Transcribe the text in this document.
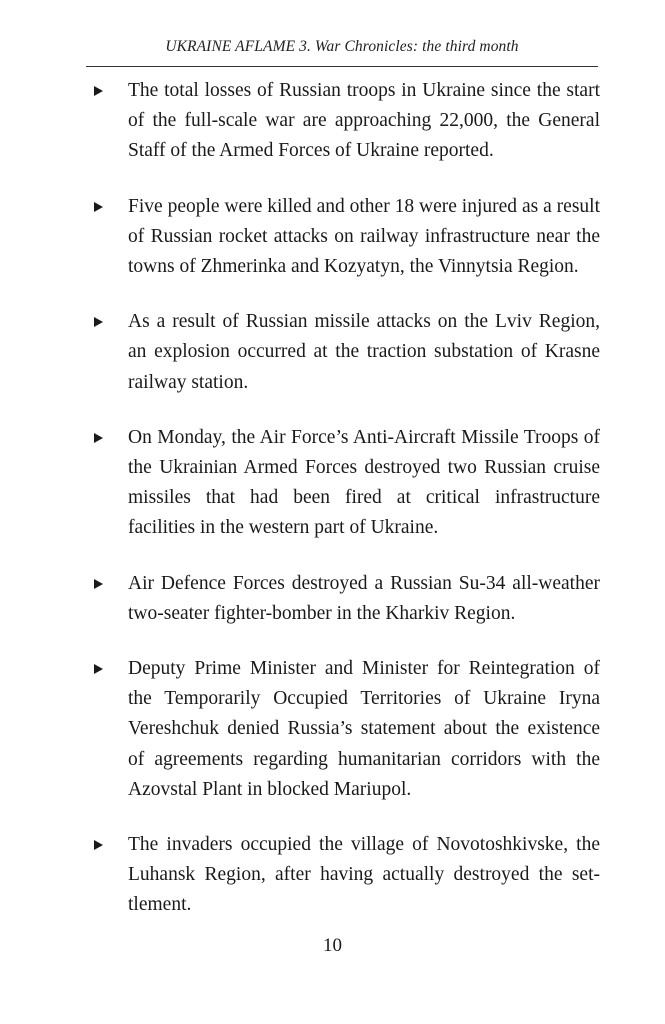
UKRAINE AFLAME 3. War Chronicles: the third month
The total losses of Russian troops in Ukraine since the start of the full-scale war are approaching 22,000, the General Staff of the Armed Forces of Ukraine reported.
Five people were killed and other 18 were injured as a result of Russian rocket attacks on railway infrastructure near the towns of Zhmerinka and Kozyatyn, the Vinnytsia Region.
As a result of Russian missile attacks on the Lviv Region, an explosion occurred at the traction substation of Krasne railway station.
On Monday, the Air Force’s Anti-Aircraft Missile Troops of the Ukrainian Armed Forces destroyed two Russian cruise missiles that had been fired at critical infrastructure facilities in the western part of Ukraine.
Air Defence Forces destroyed a Russian Su-34 all-weather two-seater fighter-bomber in the Kharkiv Region.
Deputy Prime Minister and Minister for Reintegration of the Temporarily Occupied Territories of Ukraine Iryna Vereshchuk denied Russia’s statement about the existence of agreements regarding humanitarian corridors with the Azovstal Plant in blocked Mariupol.
The invaders occupied the village of Novotoshkivske, the Luhansk Region, after having actually destroyed the settlement.
10
